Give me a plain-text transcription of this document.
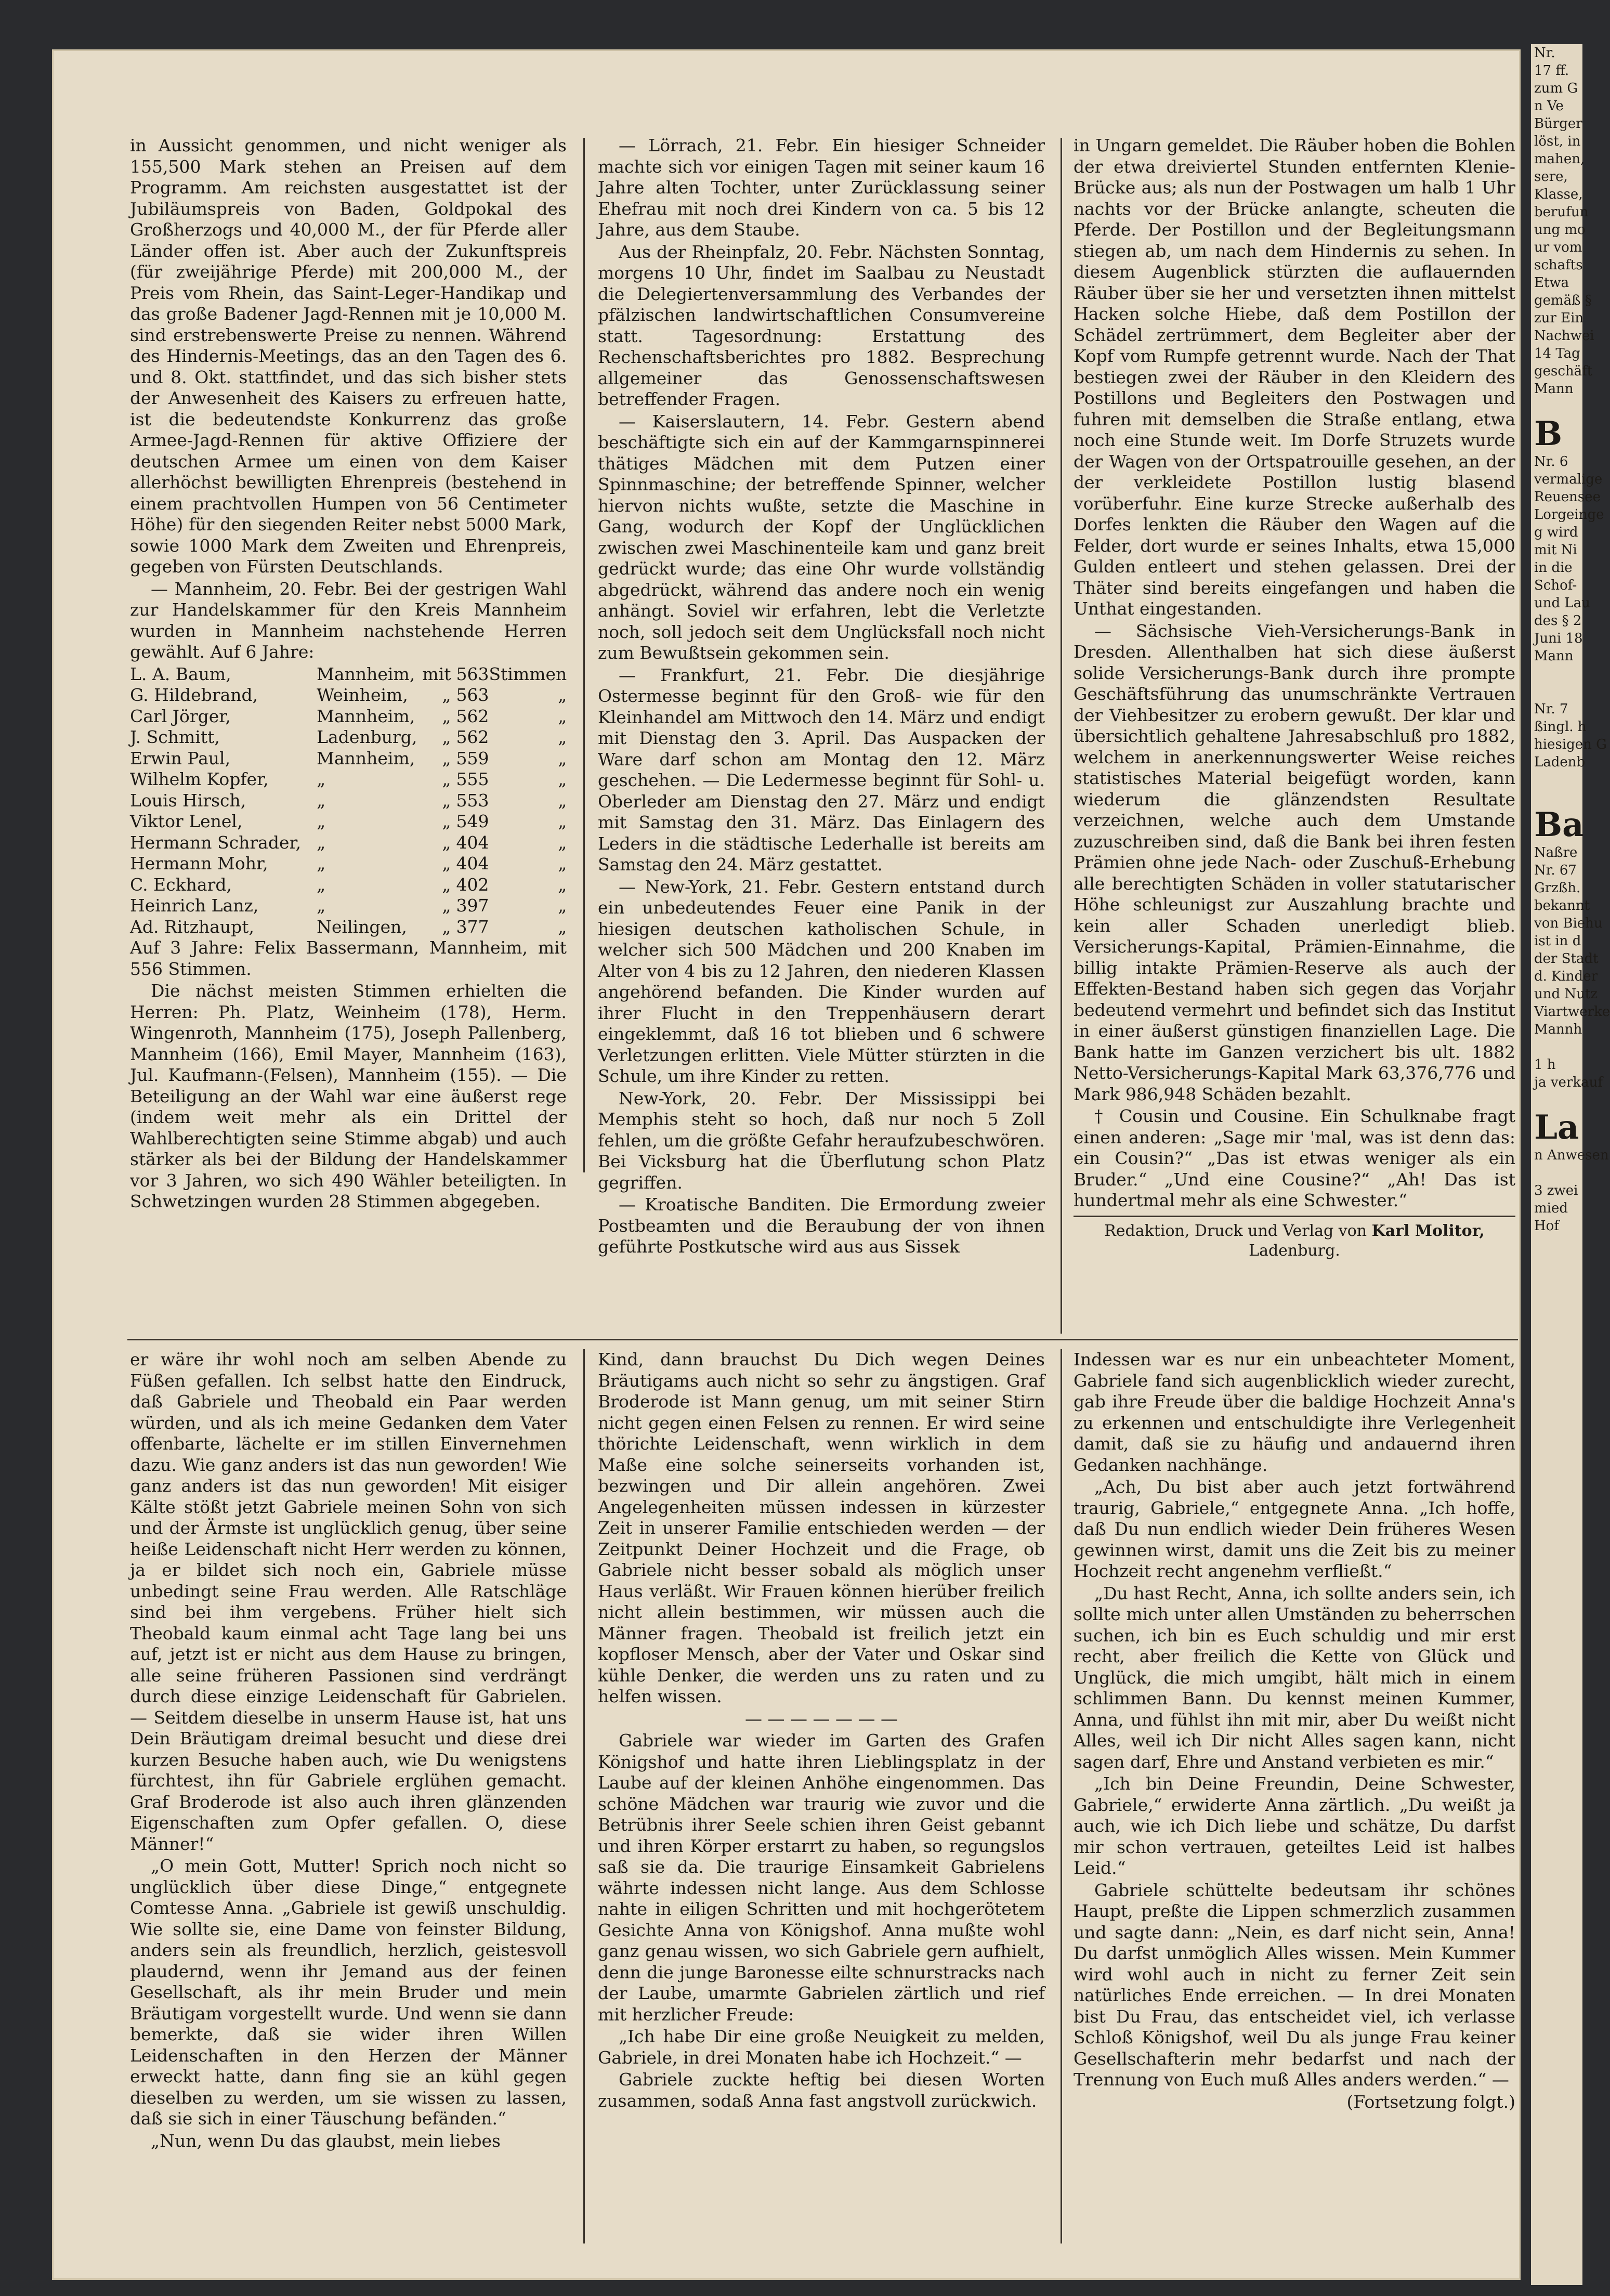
in Aussicht genommen, und nicht weniger als 155,500 Mark stehen an Preisen auf dem Programm. Am reichsten ausgestattet ist der Jubiläumspreis von Baden, Goldpokal des Großherzogs und 40,000 M., der für Pferde aller Länder offen ist. Aber auch der Zukunftspreis (für zweijährige Pferde) mit 200,000 M., der Preis vom Rhein, das Saint-Leger-Handikap und das große Badener Jagd-Rennen mit je 10,000 M. sind erstrebenswerte Preise zu nennen. Während des Hindernis-Meetings, das an den Tagen des 6. und 8. Okt. stattfindet, und das sich bisher stets der Anwesenheit des Kaisers zu erfreuen hatte, ist die bedeutendste Konkurrenz das große Armee-Jagd-Rennen für aktive Offiziere der deutschen Armee um einen von dem Kaiser allerhöchst bewilligten Ehrenpreis (bestehend in einem prachtvollen Humpen von 56 Centimeter Höhe) für den siegenden Reiter nebst 5000 Mark, sowie 1000 Mark dem Zweiten und Ehrenpreis, gegeben von Fürsten Deutschlands.

— Mannheim, 20. Febr. Bei der gestrigen Wahl zur Handelskammer für den Kreis Mannheim wurden in Mannheim nachstehende Herren gewählt. Auf 6 Jahre:

L. A. Baum,	Mannheim,	mit	563	Stimmen
G. Hildebrand,	Weinheim,	„	563	„
Carl Jörger,	Mannheim,	„	562	„
J. Schmitt,	Ladenburg,	„	562	„
Erwin Paul,	Mannheim,	„	559	„
Wilhelm Kopfer,	„	„	555	„
Louis Hirsch,	„	„	553	„
Viktor Lenel,	„	„	549	„
Hermann Schrader,	„	„	404	„
Hermann Mohr,	„	„	404	„
C. Eckhard,	„	„	402	„
Heinrich Lanz,	„	„	397	„
Ad. Ritzhaupt,	Neilingen,	„	377	„

Auf 3 Jahre: Felix Bassermann, Mannheim, mit 556 Stimmen.

Die nächst meisten Stimmen erhielten die Herren: Ph. Platz, Weinheim (178), Herm. Wingenroth, Mannheim (175), Joseph Pallenberg, Mannheim (166), Emil Mayer, Mannheim (163), Jul. Kaufmann-(Felsen), Mannheim (155). — Die Beteiligung an der Wahl war eine äußerst rege (indem weit mehr als ein Drittel der Wahlberechtigten seine Stimme abgab) und auch stärker als bei der Bildung der Handelskammer vor 3 Jahren, wo sich 490 Wähler beteiligten. In Schwetzingen wurden 28 Stimmen abgegeben.

— Lörrach, 21. Febr. Ein hiesiger Schneider machte sich vor einigen Tagen mit seiner kaum 16 Jahre alten Tochter, unter Zurücklassung seiner Ehefrau mit noch drei Kindern von ca. 5 bis 12 Jahre, aus dem Staube.

Aus der Rheinpfalz, 20. Febr. Nächsten Sonntag, morgens 10 Uhr, findet im Saalbau zu Neustadt die Delegiertenversammlung des Verbandes der pfälzischen landwirtschaftlichen Consumvereine statt. Tagesordnung: Erstattung des Rechenschaftsberichtes pro 1882. Besprechung allgemeiner das Genossenschaftswesen betreffender Fragen.

— Kaiserslautern, 14. Febr. Gestern abend beschäftigte sich ein auf der Kammgarnspinnerei thätiges Mädchen mit dem Putzen einer Spinnmaschine; der betreffende Spinner, welcher hiervon nichts wußte, setzte die Maschine in Gang, wodurch der Kopf der Unglücklichen zwischen zwei Maschinenteile kam und ganz breit gedrückt wurde; das eine Ohr wurde vollständig abgedrückt, während das andere noch ein wenig anhängt. Soviel wir erfahren, lebt die Verletzte noch, soll jedoch seit dem Unglücksfall noch nicht zum Bewußtsein gekommen sein.

— Frankfurt, 21. Febr. Die diesjährige Ostermesse beginnt für den Groß- wie für den Kleinhandel am Mittwoch den 14. März und endigt mit Dienstag den 3. April. Das Auspacken der Ware darf schon am Montag den 12. März geschehen. — Die Ledermesse beginnt für Sohl- u. Oberleder am Dienstag den 27. März und endigt mit Samstag den 31. März. Das Einlagern des Leders in die städtische Lederhalle ist bereits am Samstag den 24. März gestattet.

— New-York, 21. Febr. Gestern entstand durch ein unbedeutendes Feuer eine Panik in der hiesigen deutschen katholischen Schule, in welcher sich 500 Mädchen und 200 Knaben im Alter von 4 bis zu 12 Jahren, den niederen Klassen angehörend befanden. Die Kinder wurden auf ihrer Flucht in den Treppenhäusern derart eingeklemmt, daß 16 tot blieben und 6 schwere Verletzungen erlitten. Viele Mütter stürzten in die Schule, um ihre Kinder zu retten.

New-York, 20. Febr. Der Mississippi bei Memphis steht so hoch, daß nur noch 5 Zoll fehlen, um die größte Gefahr heraufzubeschwören. Bei Vicksburg hat die Überflutung schon Platz gegriffen.

— Kroatische Banditen. Die Ermordung zweier Postbeamten und die Beraubung der von ihnen geführte Postkutsche wird aus aus Sissek

in Ungarn gemeldet. Die Räuber hoben die Bohlen der etwa dreiviertel Stunden entfernten Klenie-Brücke aus; als nun der Postwagen um halb 1 Uhr nachts vor der Brücke anlangte, scheuten die Pferde. Der Postillon und der Begleitungsmann stiegen ab, um nach dem Hindernis zu sehen. In diesem Augenblick stürzten die auflauernden Räuber über sie her und versetzten ihnen mittelst Hacken solche Hiebe, daß dem Postillon der Schädel zertrümmert, dem Begleiter aber der Kopf vom Rumpfe getrennt wurde. Nach der That bestiegen zwei der Räuber in den Kleidern des Postillons und Begleiters den Postwagen und fuhren mit demselben die Straße entlang, etwa noch eine Stunde weit. Im Dorfe Struzets wurde der Wagen von der Ortspatrouille gesehen, an der der verkleidete Postillon lustig blasend vorüberfuhr. Eine kurze Strecke außerhalb des Dorfes lenkten die Räuber den Wagen auf die Felder, dort wurde er seines Inhalts, etwa 15,000 Gulden entleert und stehen gelassen. Drei der Thäter sind bereits eingefangen und haben die Unthat eingestanden.

— Sächsische Vieh-Versicherungs-Bank in Dresden. Allenthalben hat sich diese äußerst solide Versicherungs-Bank durch ihre prompte Geschäftsführung das unumschränkte Vertrauen der Viehbesitzer zu erobern gewußt. Der klar und übersichtlich gehaltene Jahresabschluß pro 1882, welchem in anerkennungswerter Weise reiches statistisches Material beigefügt worden, kann wiederum die glänzendsten Resultate verzeichnen, welche auch dem Umstande zuzuschreiben sind, daß die Bank bei ihren festen Prämien ohne jede Nach- oder Zuschuß-Erhebung alle berechtigten Schäden in voller statutarischer Höhe schleunigst zur Auszahlung brachte und kein aller Schaden unerledigt blieb. Versicherungs-Kapital, Prämien-Einnahme, die billig intakte Prämien-Reserve als auch der Effekten-Bestand haben sich gegen das Vorjahr bedeutend vermehrt und befindet sich das Institut in einer äußerst günstigen finanziellen Lage. Die Bank hatte im Ganzen verzichert bis ult. 1882 Netto-Versicherungs-Kapital Mark 63,376,776 und Mark 986,948 Schäden bezahlt.

† Cousin und Cousine. Ein Schulknabe fragt einen anderen: „Sage mir 'mal, was ist denn das: ein Cousin?“ „Das ist etwas weniger als ein Bruder.“ „Und eine Cousine?“ „Ah! Das ist hundertmal mehr als eine Schwester.“

Redaktion, Druck und Verlag von Karl Molitor,
Ladenburg.

er wäre ihr wohl noch am selben Abende zu Füßen gefallen. Ich selbst hatte den Eindruck, daß Gabriele und Theobald ein Paar werden würden, und als ich meine Gedanken dem Vater offenbarte, lächelte er im stillen Einvernehmen dazu. Wie ganz anders ist das nun geworden! Wie ganz anders ist das nun geworden! Mit eisiger Kälte stößt jetzt Gabriele meinen Sohn von sich und der Ärmste ist unglücklich genug, über seine heiße Leidenschaft nicht Herr werden zu können, ja er bildet sich noch ein, Gabriele müsse unbedingt seine Frau werden. Alle Ratschläge sind bei ihm vergebens. Früher hielt sich Theobald kaum einmal acht Tage lang bei uns auf, jetzt ist er nicht aus dem Hause zu bringen, alle seine früheren Passionen sind verdrängt durch diese einzige Leidenschaft für Gabrielen. — Seitdem dieselbe in unserm Hause ist, hat uns Dein Bräutigam dreimal besucht und diese drei kurzen Besuche haben auch, wie Du wenigstens fürchtest, ihn für Gabriele erglühen gemacht. Graf Broderode ist also auch ihren glänzenden Eigenschaften zum Opfer gefallen. O, diese Männer!“

„O mein Gott, Mutter! Sprich noch nicht so unglücklich über diese Dinge,“ entgegnete Comtesse Anna. „Gabriele ist gewiß unschuldig. Wie sollte sie, eine Dame von feinster Bildung, anders sein als freundlich, herzlich, geistesvoll plaudernd, wenn ihr Jemand aus der feinen Gesellschaft, als ihr mein Bruder und mein Bräutigam vorgestellt wurde. Und wenn sie dann bemerkte, daß sie wider ihren Willen Leidenschaften in den Herzen der Männer erweckt hatte, dann fing sie an kühl gegen dieselben zu werden, um sie wissen zu lassen, daß sie sich in einer Täuschung befänden.“

„Nun, wenn Du das glaubst, mein liebes

Kind, dann brauchst Du Dich wegen Deines Bräutigams auch nicht so sehr zu ängstigen. Graf Broderode ist Mann genug, um mit seiner Stirn nicht gegen einen Felsen zu rennen. Er wird seine thörichte Leidenschaft, wenn wirklich in dem Maße eine solche seinerseits vorhanden ist, bezwingen und Dir allein angehören. Zwei Angelegenheiten müssen indessen in kürzester Zeit in unserer Familie entschieden werden — der Zeitpunkt Deiner Hochzeit und die Frage, ob Gabriele nicht besser sobald als möglich unser Haus verläßt. Wir Frauen können hierüber freilich nicht allein bestimmen, wir müssen auch die Männer fragen. Theobald ist freilich jetzt ein kopfloser Mensch, aber der Vater und Oskar sind kühle Denker, die werden uns zu raten und zu helfen wissen.

— — — — — — —

Gabriele war wieder im Garten des Grafen Königshof und hatte ihren Lieblingsplatz in der Laube auf der kleinen Anhöhe eingenommen. Das schöne Mädchen war traurig wie zuvor und die Betrübnis ihrer Seele schien ihren Geist gebannt und ihren Körper erstarrt zu haben, so regungslos saß sie da. Die traurige Einsamkeit Gabrielens währte indessen nicht lange. Aus dem Schlosse nahte in eiligen Schritten und mit hochgerötetem Gesichte Anna von Königshof. Anna mußte wohl ganz genau wissen, wo sich Gabriele gern aufhielt, denn die junge Baronesse eilte schnurstracks nach der Laube, umarmte Gabrielen zärtlich und rief mit herzlicher Freude:

„Ich habe Dir eine große Neuigkeit zu melden, Gabriele, in drei Monaten habe ich Hochzeit.“ —

Gabriele zuckte heftig bei diesen Worten zusammen, sodaß Anna fast angstvoll zurückwich.

Indessen war es nur ein unbeachteter Moment, Gabriele fand sich augenblicklich wieder zurecht, gab ihre Freude über die baldige Hochzeit Anna's zu erkennen und entschuldigte ihre Verlegenheit damit, daß sie zu häufig und andauernd ihren Gedanken nachhänge.

„Ach, Du bist aber auch jetzt fortwährend traurig, Gabriele,“ entgegnete Anna. „Ich hoffe, daß Du nun endlich wieder Dein früheres Wesen gewinnen wirst, damit uns die Zeit bis zu meiner Hochzeit recht angenehm verfließt.“

„Du hast Recht, Anna, ich sollte anders sein, ich sollte mich unter allen Umständen zu beherrschen suchen, ich bin es Euch schuldig und mir erst recht, aber freilich die Kette von Glück und Unglück, die mich umgibt, hält mich in einem schlimmen Bann. Du kennst meinen Kummer, Anna, und fühlst ihn mit mir, aber Du weißt nicht Alles, weil ich Dir nicht Alles sagen kann, nicht sagen darf, Ehre und Anstand verbieten es mir.“

„Ich bin Deine Freundin, Deine Schwester, Gabriele,“ erwiderte Anna zärtlich. „Du weißt ja auch, wie ich Dich liebe und schätze, Du darfst mir schon vertrauen, geteiltes Leid ist halbes Leid.“

Gabriele schüttelte bedeutsam ihr schönes Haupt, preßte die Lippen schmerzlich zusammen und sagte dann: „Nein, es darf nicht sein, Anna! Du darfst unmöglich Alles wissen. Mein Kummer wird wohl auch in nicht zu ferner Zeit sein natürliches Ende erreichen. — In drei Monaten bist Du Frau, das entscheidet viel, ich verlasse Schloß Königshof, weil Du als junge Frau keiner Gesellschafterin mehr bedarfst und nach der Trennung von Euch muß Alles anders werden.“ —

(Fortsetzung folgt.)

Nr.

17 ff.

zum G

n Ve

Bürger

löst, in

mahen,

sere,

Klasse,

berufun

ung mo

ur vom

schafts

Etwa

gemäß §

zur Ein

Nachwei

14 Tag

geschäft

Mann

B

Nr. 6

vermalige

Reuensee

Lorgeinge

g wird

mit Ni

in die

Schof-

und Lau

des § 2

Juni 18

Mann

Nr. 7

ßingl. h

hiesigen G

Ladenb

Ba

Naßre

Nr. 67

Grzßh.

bekannt

von Biehu

ist in d

der Stadt

d. Kinder

und Nutz

Viartwerke

Mannh

1 h

ja verkauf

La

n Anwesen

3 zwei

mied

Hof
